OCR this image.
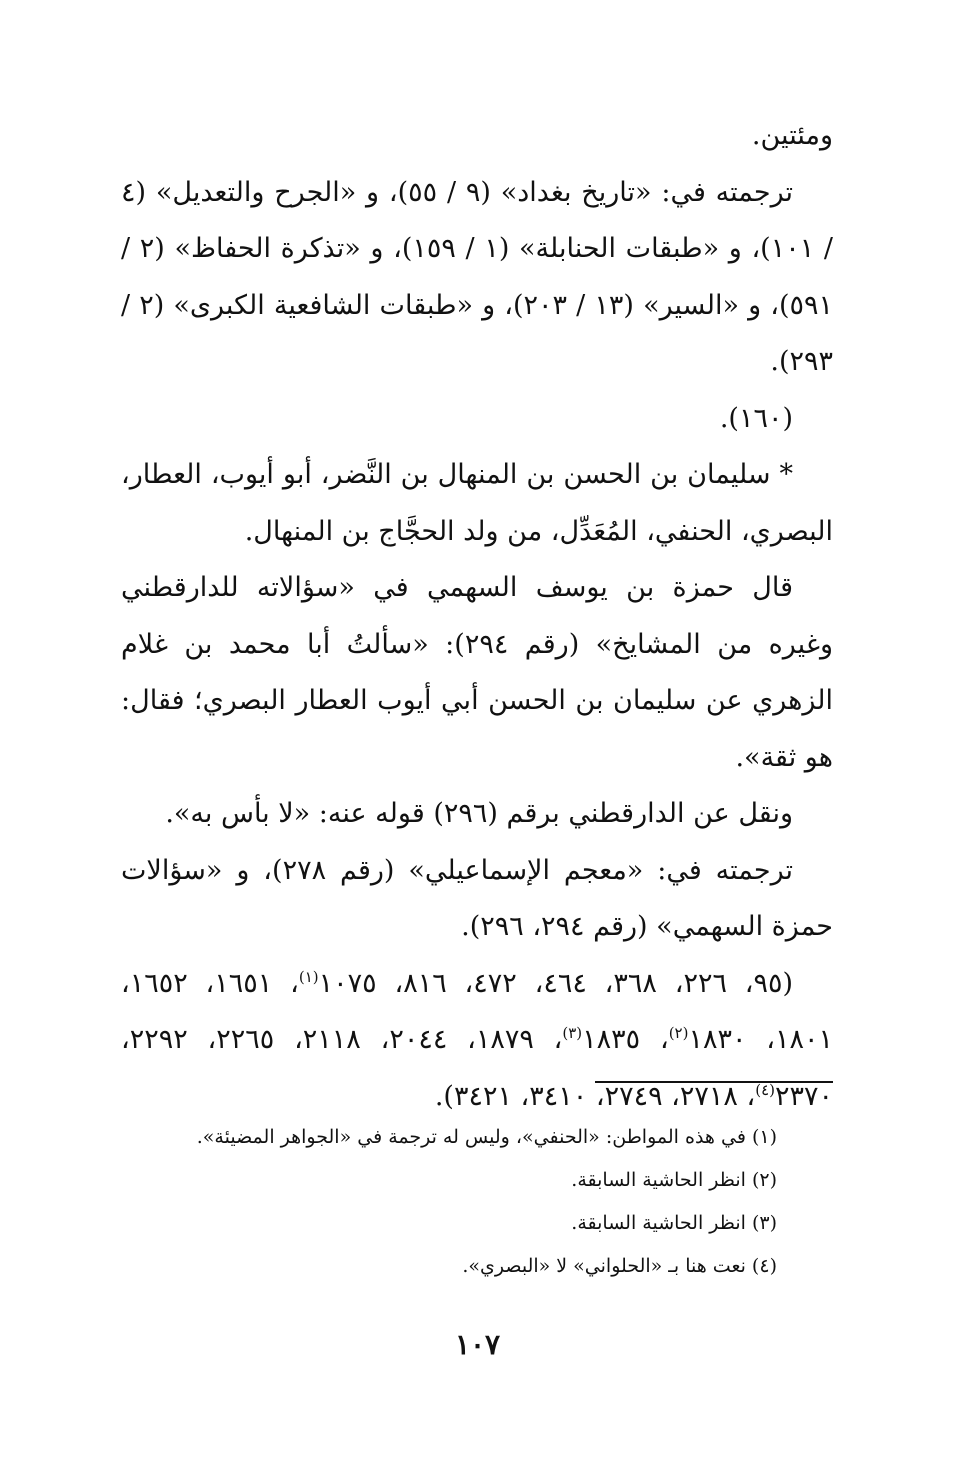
ومئتين.

ترجمته في: «تاريخ بغداد» (٩ / ٥٥)، و «الجرح والتعديل» (٤ / ١٠١)، و «طبقات الحنابلة» (١ / ١٥٩)، و «تذكرة الحفاظ» (٢ / ٥٩١)، و «السير» (١٣ / ٢٠٣)، و «طبقات الشافعية الكبرى» (٢ / ٢٩٣).

(١٦٠).

* سليمان بن الحسن بن المنهال بن النَّضر، أبو أيوب، العطار، البصري، الحنفي، المُعَدِّل، من ولد الحجَّاج بن المنهال.

قال حمزة بن يوسف السهمي في «سؤالاته للدارقطني وغيره من المشايخ» (رقم ٢٩٤): «سألتُ أبا محمد بن غلام الزهري عن سليمان بن الحسن أبي أيوب العطار البصري؛ فقال: هو ثقة».

ونقل عن الدارقطني برقم (٢٩٦) قوله عنه: «لا بأس به».

ترجمته في: «معجم الإسماعيلي» (رقم ٢٧٨)، و «سؤالات حمزة السهمي» (رقم ٢٩٤، ٢٩٦).

(٩٥، ٢٢٦، ٣٦٨، ٤٦٤، ٤٧٢، ٨١٦، ١٠٧٥$^{(١)}$، ١٦٥١، ١٦٥٢، ١٨٠١، ١٨٣٠$^{(٢)}$، ١٨٣٥$^{(٣)}$، ١٨٧٩، ٢٠٤٤، ٢١١٨، ٢٢٦٥، ٢٢٩٢، ٢٣٧٠$^{(٤)}$، ٢٧١٨، ٢٧٤٩، ٣٤١٠، ٣٤٢١).

(١) في هذه المواطن: «الحنفي»، وليس له ترجمة في «الجواهر المضيئة».

(٢) انظر الحاشية السابقة.

(٣) انظر الحاشية السابقة.

(٤) نعت هنا بـ «الحلواني» لا «البصري».

١٠٧
